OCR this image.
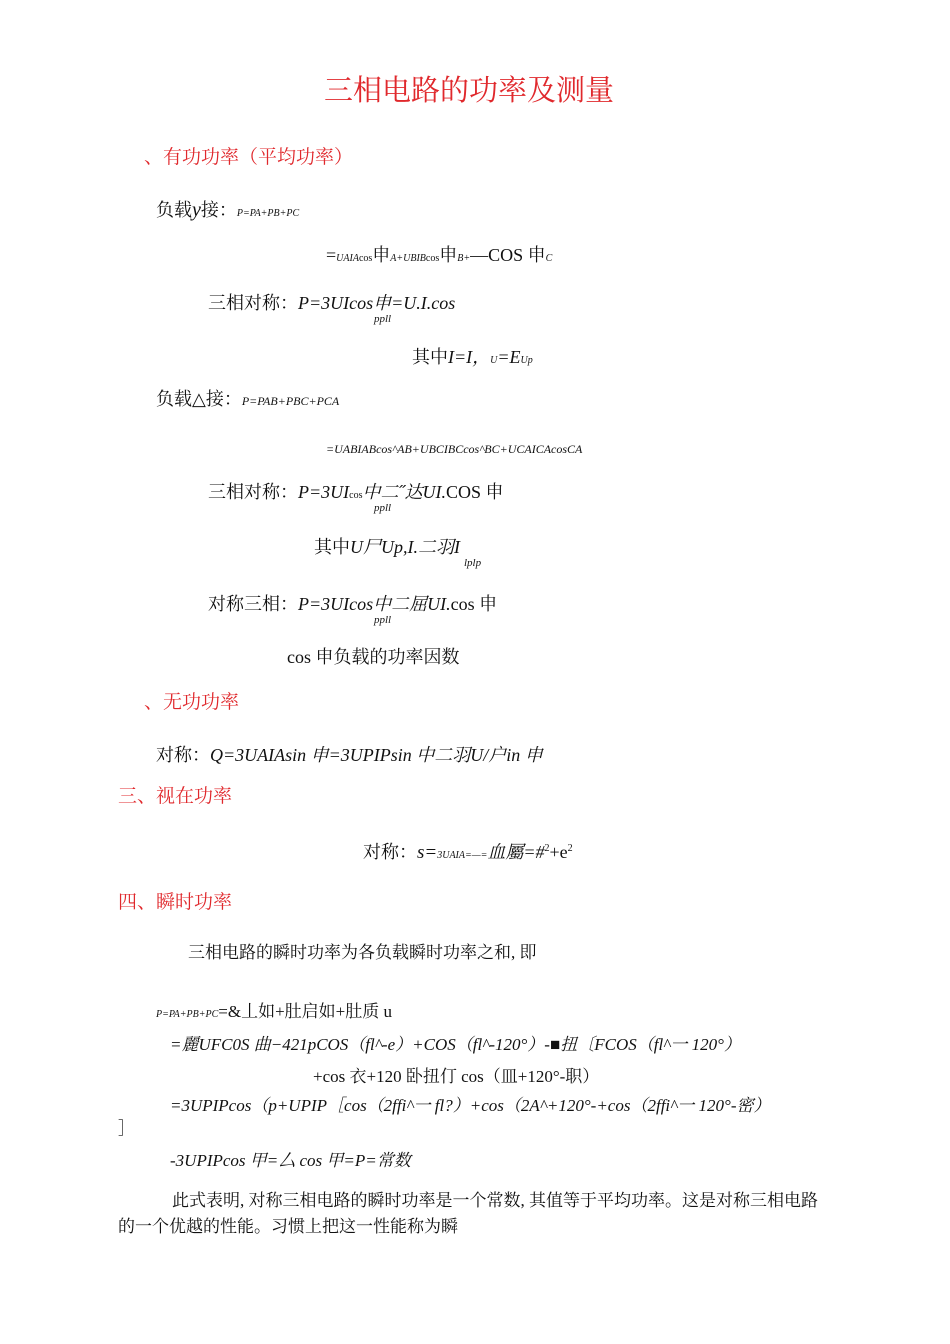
三相电路的功率及测量
、有功功率（平均功率）
负载y接：P=PA+PB+PC
=UAIAcos申A+UBIBcos申B+—COS 申C
三相对称：P=3UIcos申=U.I.cos
ppll
其中I=I，U=EUp
负载△接：P=PAB+PBC+PCA
=UABIABcos^AB+UBCIBCcos^BC+UCAICAcosCA
三相对称：P=3UIcos中二˝达UI.COS 申
ppll
其中U尸Up,I.二羽I
lplp
对称三相：P=3UIcos中二屈UI.cos 申
ppll
cos 申负载的功率因数
、无功功率
对称：Q=3UAIAsin 申=3UPIPsin 中二羽U/户in 申
三、视在功率
对称：s=3UAIA=—=血屬$=\#^2+e^2$
四、瞬时功率
三相电路的瞬时功率为各负载瞬时功率之和, 即
P=PA+PB+PC=&丄如+肚启如+肚质 u
=麗UFC0S 曲−421pCOS（fl^-e）+COS（fl^-120°）-■扭〔FCOS（fl^一 120°）
+cos 衣+120 卧扭仃 cos（皿+120°-职）
=3UPIPcos（p+UPIP［cos（2ffi^一 fl?）+cos（2A^+120°-+cos（2ffi^一 120°-密）
］
-3UPIPcos 甲=厶 cos 甲=P=常数
此式表明, 对称三相电路的瞬时功率是一个常数, 其值等于平均功率。这是对称三相电路的一个优越的性能。习惯上把这一性能称为瞬
